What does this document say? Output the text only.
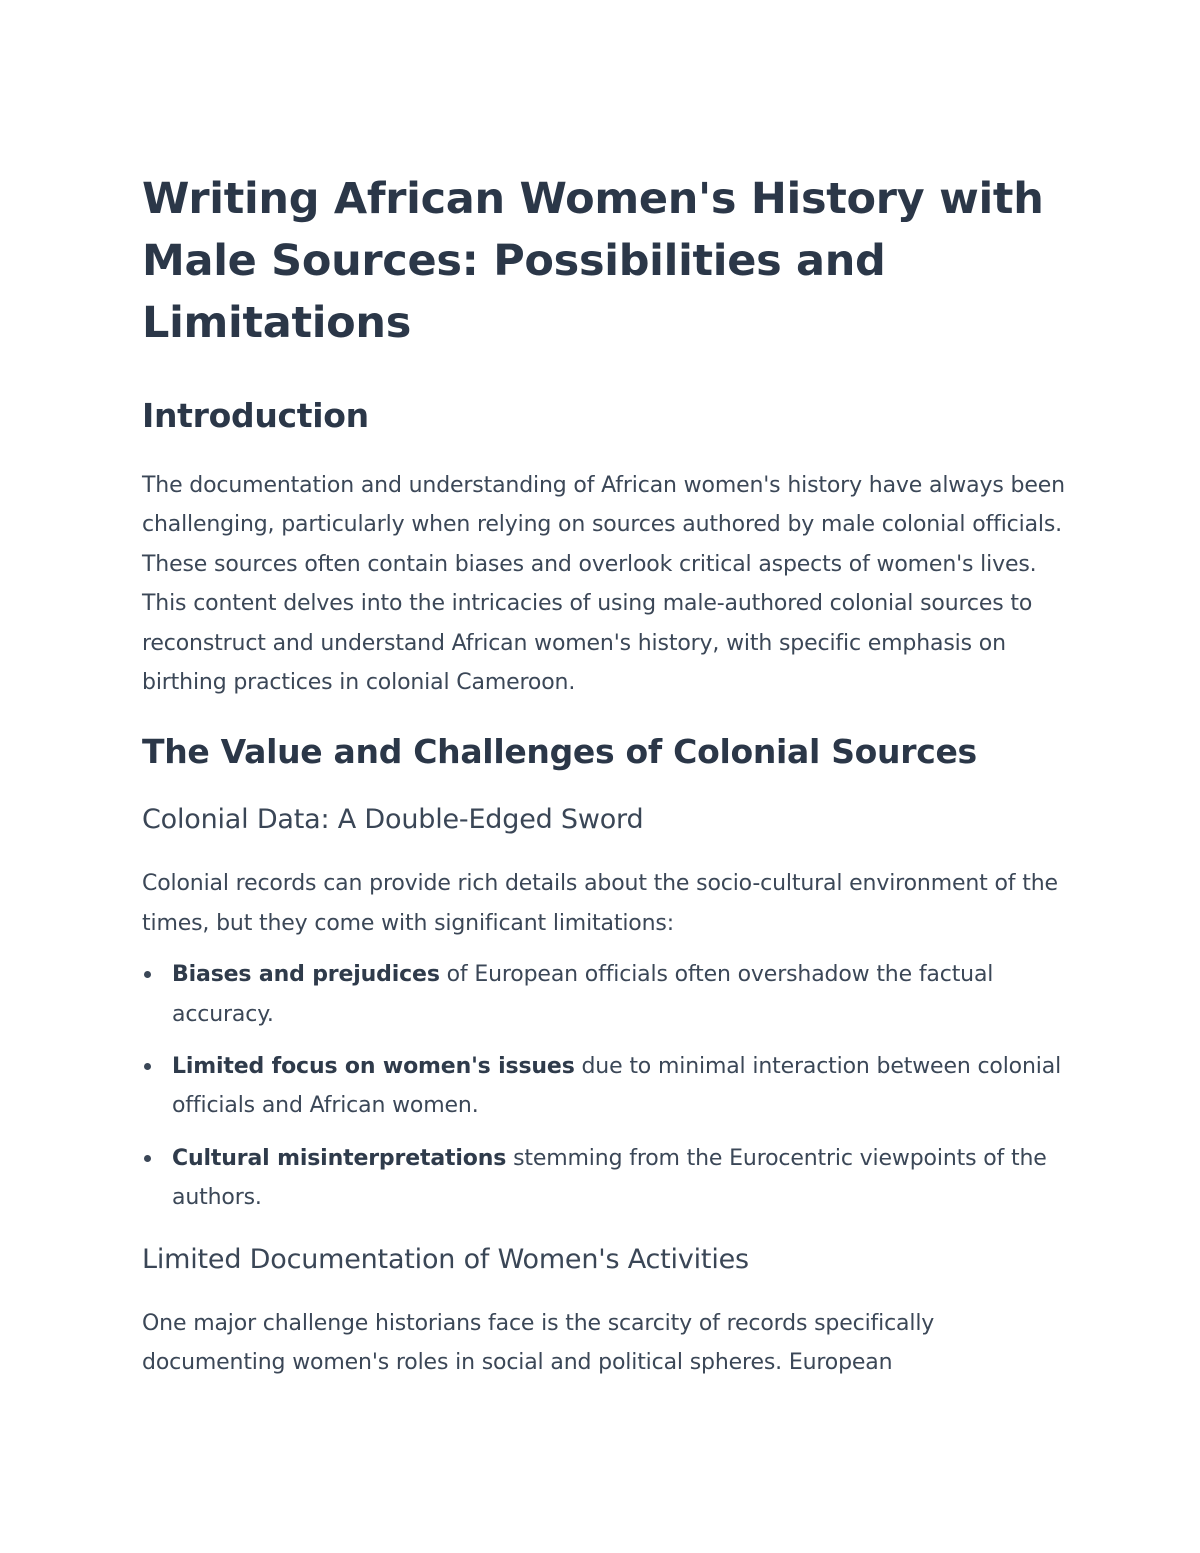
Writing African Women's History with Male Sources: Possibilities and Limitations
Introduction

The documentation and understanding of African women's history have always been challenging, particularly when relying on sources authored by male colonial officials. These sources often contain biases and overlook critical aspects of women's lives. This content delves into the intricacies of using male-authored colonial sources to reconstruct and understand African women's history, with specific emphasis on birthing practices in colonial Cameroon.

The Value and Challenges of Colonial Sources
Colonial Data: A Double-Edged Sword

Colonial records can provide rich details about the socio-cultural environment of the times, but they come with significant limitations:

Biases and prejudices of European officials often overshadow the factual accuracy.
Limited focus on women's issues due to minimal interaction between colonial officials and African women.
Cultural misinterpretations stemming from the Eurocentric viewpoints of the authors.
Limited Documentation of Women's Activities

One major challenge historians face is the scarcity of records specifically documenting women's roles in social and political spheres. European
